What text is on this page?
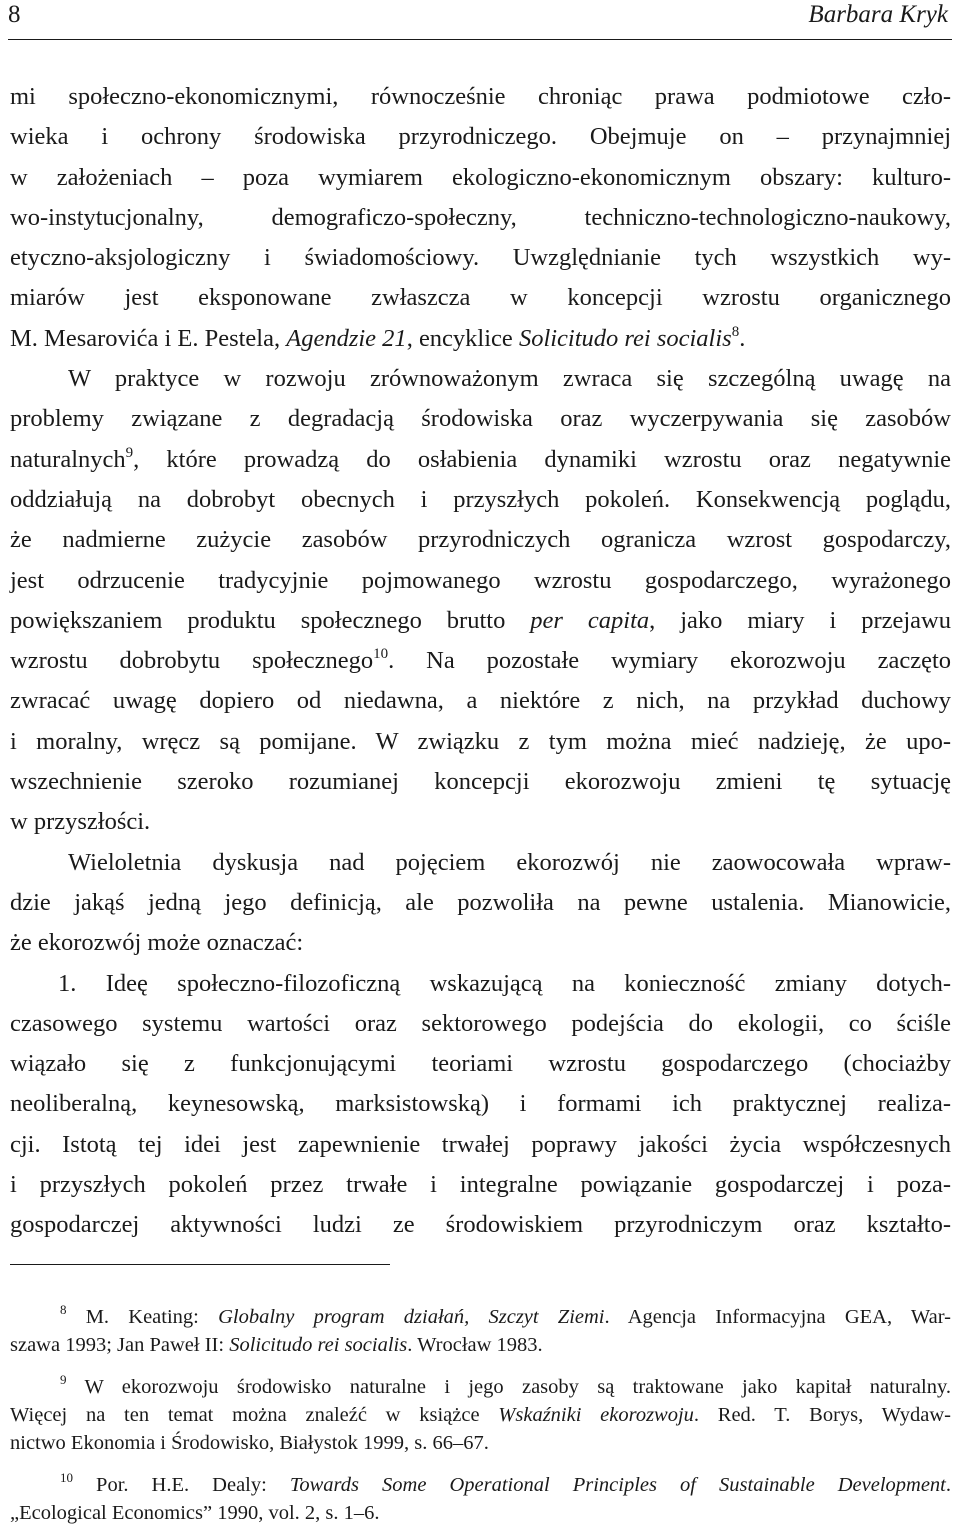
8	Barbara Kryk
mi społeczno-ekonomicznymi, równocześnie chroniąc prawa podmiotowe czło-
wieka i ochrony środowiska przyrodniczego. Obejmuje on – przynajmniej
w założeniach – poza wymiarem ekologiczno-ekonomicznym obszary: kulturo-
wo-instytucjonalny, demograficzo-społeczny, techniczno-technologiczno-naukowy,
etyczno-aksjologiczny i świadomościowy. Uwzględnianie tych wszystkich wy-
miarów jest eksponowane zwłaszcza w koncepcji wzrostu organicznego
M. Mesarovića i E. Pestela, Agendzie 21, encyklice Solicitudo rei socialis$^8$.
W praktyce w rozwoju zrównoważonym zwraca się szczególną uwagę na
problemy związane z degradacją środowiska oraz wyczerpywania się zasobów
naturalnych$^9$, które prowadzą do osłabienia dynamiki wzrostu oraz negatywnie
oddziałują na dobrobyt obecnych i przyszłych pokoleń. Konsekwencją poglądu,
że nadmierne zużycie zasobów przyrodniczych ogranicza wzrost gospodarczy,
jest odrzucenie tradycyjnie pojmowanego wzrostu gospodarczego, wyrażonego
powiększaniem produktu społecznego brutto per capita, jako miary i przejawu
wzrostu dobrobytu społecznego$^{10}$. Na pozostałe wymiary ekorozwoju zaczęto
zwracać uwagę dopiero od niedawna, a niektóre z nich, na przykład duchowy
i moralny, wręcz są pomijane. W związku z tym można mieć nadzieję, że upo-
wszechnienie szeroko rozumianej koncepcji ekorozwoju zmieni tę sytuację
w przyszłości.
Wieloletnia dyskusja nad pojęciem ekorozwój nie zaowocowała wpraw-
dzie jakąś jedną jego definicją, ale pozwoliła na pewne ustalenia. Mianowicie,
że ekorozwój może oznaczać:
1. Ideę społeczno-filozoficzną wskazującą na konieczność zmiany dotych-
czasowego systemu wartości oraz sektorowego podejścia do ekologii, co ściśle
wiązało się z funkcjonującymi teoriami wzrostu gospodarczego (chociażby
neoliberalną, keynesowską, marksistowską) i formami ich praktycznej realiza-
cji. Istotą tej idei jest zapewnienie trwałej poprawy jakości życia współczesnych
i przyszłych pokoleń przez trwałe i integralne powiązanie gospodarczej i poza-
gospodarczej aktywności ludzi ze środowiskiem przyrodniczym oraz kształto-
$^8$ M. Keating: Globalny program działań, Szczyt Ziemi. Agencja Informacyjna GEA, War-
szawa 1993; Jan Paweł II: Solicitudo rei socialis. Wrocław 1983.
$^9$ W ekorozwoju środowisko naturalne i jego zasoby są traktowane jako kapitał naturalny.
Więcej na ten temat można znaleźć w książce Wskaźniki ekorozwoju. Red. T. Borys, Wydaw-
nictwo Ekonomia i Środowisko, Białystok 1999, s. 66–67.
$^{10}$ Por. H.E. Dealy: Towards Some Operational Principles of Sustainable Development.
„Ecological Economics” 1990, vol. 2, s. 1–6.
